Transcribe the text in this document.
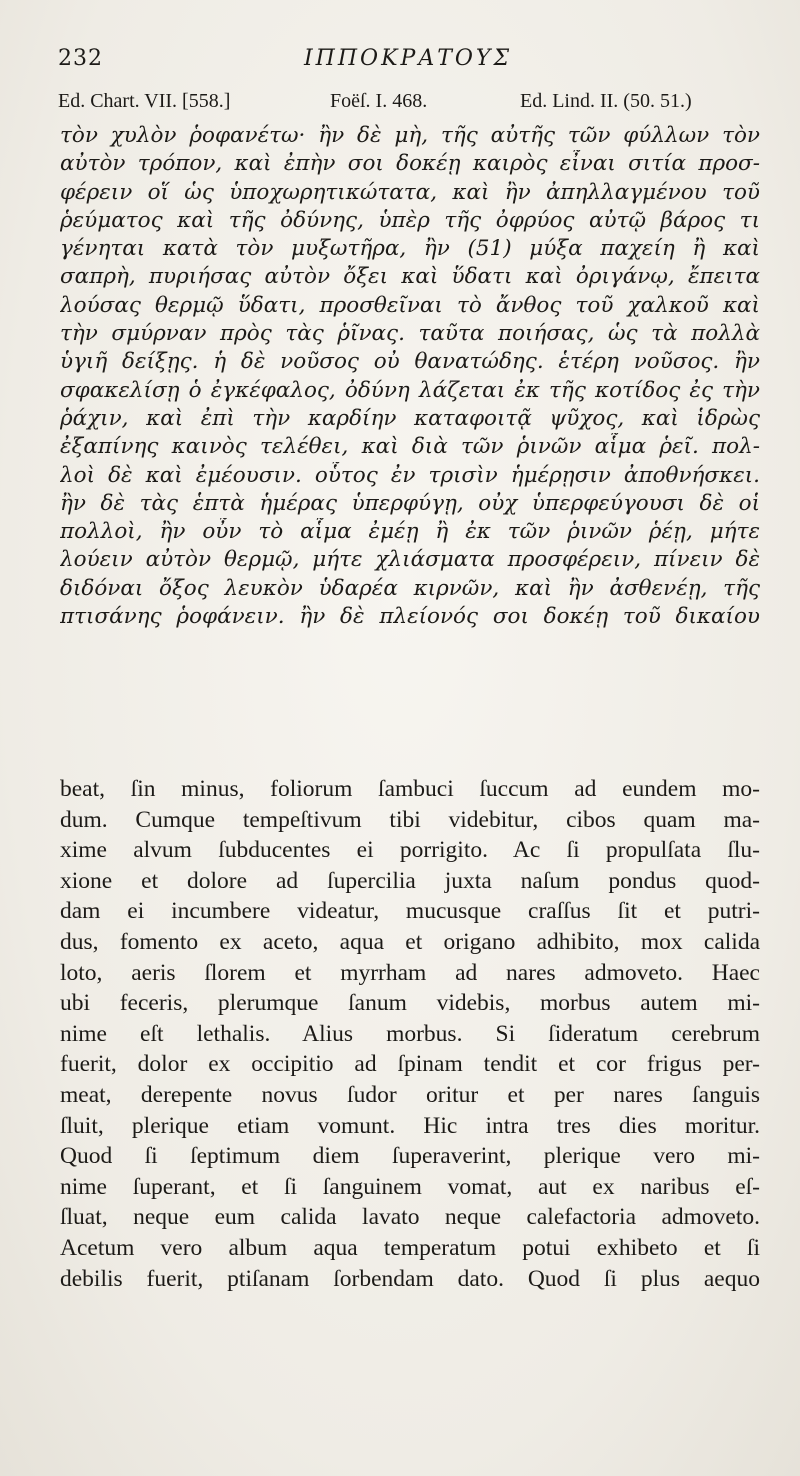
232	ΙΠΠΟΚΡΑΤΟΥΣ
Ed. Chart. VII. [558.]	Foëſ. I. 468.	Ed. Lind. II. (50. 51.)
τὸν χυλὸν ῥοφανέτω· ἢν δὲ μὴ, τῆς αὐτῆς τῶν φύλλων τὸν
αὐτὸν τρόπον, καὶ ἐπὴν σοι δοκέῃ καιρὸς εἶναι σιτία προσ-
φέρειν οἵ ὡς ὑποχωρητικώτατα, καὶ ἢν ἀπηλλαγμένου τοῦ
ῥεύματος καὶ τῆς ὀδύνης, ὑπὲρ τῆς ὀφρύος αὐτῷ βάρος τι
γένηται κατὰ τὸν μυξωτῆρα, ἢν (51) μύξα παχείη ἢ καὶ
σαπρὴ, πυριήσας αὐτὸν ὄξει καὶ ὕδατι καὶ ὀριγάνῳ, ἔπειτα
λούσας θερμῷ ὕδατι, προσθεῖναι τὸ ἄνθος τοῦ χαλκοῦ καὶ
τὴν σμύρναν πρὸς τὰς ῥῖνας. ταῦτα ποιήσας, ὡς τὰ πολλὰ
ὑγιῆ δείξῃς. ἡ δὲ νοῦσος οὐ θανατώδης. ἑτέρη νοῦσος. ἢν
σφακελίσῃ ὁ ἐγκέφαλος, ὀδύνη λάζεται ἐκ τῆς κοτίδος ἐς τὴν
ῥάχιν, καὶ ἐπὶ τὴν καρδίην καταφοιτᾷ ψῦχος, καὶ ἱδρὼς
ἐξαπίνης καινὸς τελέθει, καὶ διὰ τῶν ῥινῶν αἷμα ῥεῖ. πολ-
λοὶ δὲ καὶ ἐμέουσιν. οὗτος ἐν τρισὶν ἡμέρῃσιν ἀποθνήσκει.
ἢν δὲ τὰς ἑπτὰ ἡμέρας ὑπερφύγῃ, οὐχ ὑπερφεύγουσι δὲ οἱ
πολλοὶ, ἢν οὖν τὸ αἷμα ἐμέῃ ἢ ἐκ τῶν ῥινῶν ῥέῃ, μήτε
λούειν αὐτὸν θερμῷ, μήτε χλιάσματα προσφέρειν, πίνειν δὲ
διδόναι ὄξος λευκὸν ὑδαρέα κιρνῶν, καὶ ἢν ἀσθενέῃ, τῆς
πτισάνης ῥοφάνειν. ἢν δὲ πλείονός σοι δοκέῃ τοῦ δικαίου
beat, ſin minus, foliorum ſambuci ſuccum ad eundem mo-
dum. Cumque tempeſtivum tibi videbitur, cibos quam ma-
xime alvum ſubducentes ei porrigito. Ac ſi propulſata ſlu-
xione et dolore ad ſupercilia juxta naſum pondus quod-
dam ei incumbere videatur, mucusque craſſus ſit et putri-
dus, fomento ex aceto, aqua et origano adhibito, mox calida
loto, aeris ſlorem et myrrham ad nares admoveto. Haec
ubi feceris, plerumque ſanum videbis, morbus autem mi-
nime eſt lethalis. Alius morbus. Si ſideratum cerebrum
fuerit, dolor ex occipitio ad ſpinam tendit et cor frigus per-
meat, derepente novus ſudor oritur et per nares ſanguis
ſluit, plerique etiam vomunt. Hic intra tres dies moritur.
Quod ſi ſeptimum diem ſuperaverint, plerique vero mi-
nime ſuperant, et ſi ſanguinem vomat, aut ex naribus eſ-
ſluat, neque eum calida lavato neque calefactoria admoveto.
Acetum vero album aqua temperatum potui exhibeto et ſi
debilis fuerit, ptiſanam ſorbendam dato. Quod ſi plus aequo
